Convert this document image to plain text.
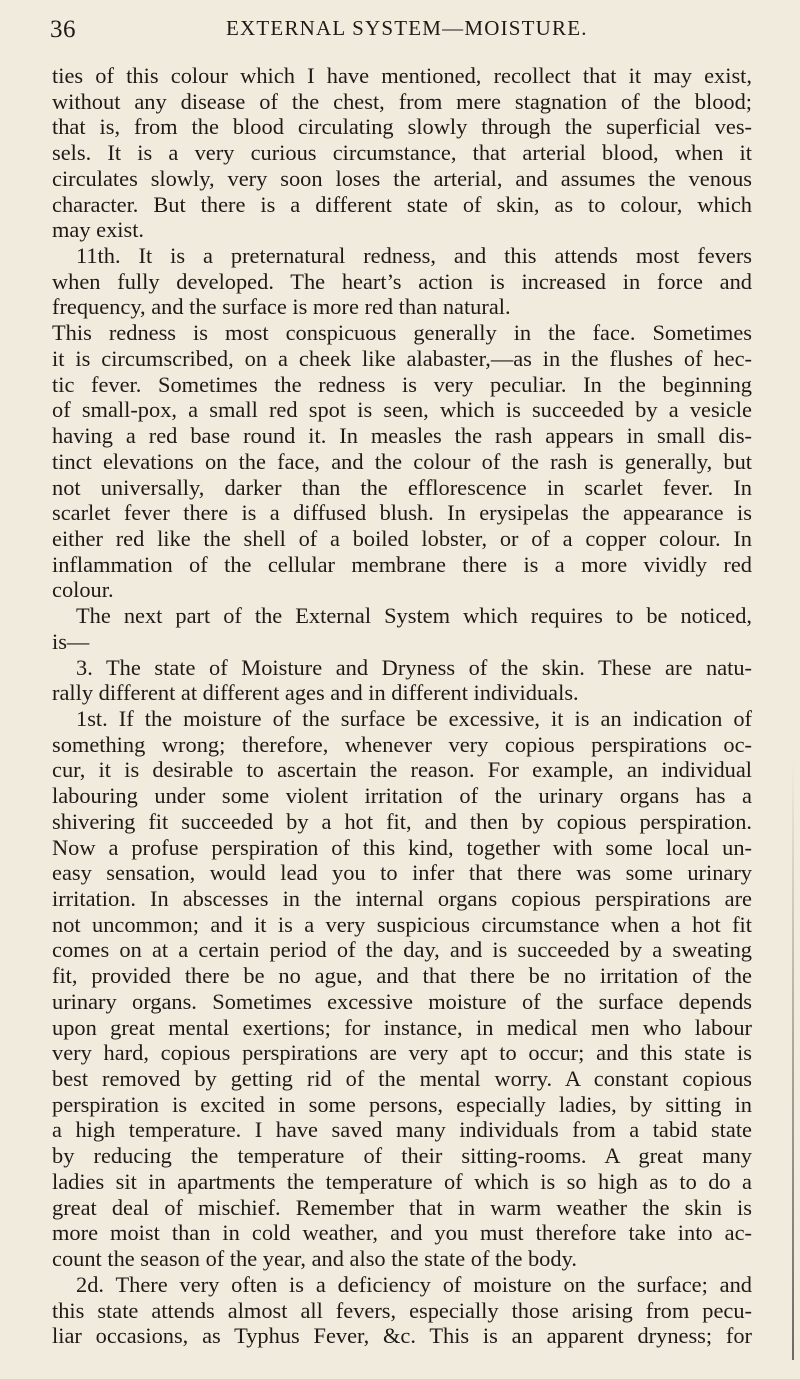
36	EXTERNAL SYSTEM—MOISTURE.
ties of this colour which I have mentioned, recollect that it may exist,
without any disease of the chest, from mere stagnation of the blood;
that is, from the blood circulating slowly through the superficial ves-
sels. It is a very curious circumstance, that arterial blood, when it
circulates slowly, very soon loses the arterial, and assumes the venous
character. But there is a different state of skin, as to colour, which
may exist.
11th. It is a preternatural redness, and this attends most fevers
when fully developed. The heart’s action is increased in force and
frequency, and the surface is more red than natural.
This redness is most conspicuous generally in the face. Sometimes
it is circumscribed, on a cheek like alabaster,—as in the flushes of hec-
tic fever. Sometimes the redness is very peculiar. In the beginning
of small-pox, a small red spot is seen, which is succeeded by a vesicle
having a red base round it. In measles the rash appears in small dis-
tinct elevations on the face, and the colour of the rash is generally, but
not universally, darker than the efflorescence in scarlet fever. In
scarlet fever there is a diffused blush. In erysipelas the appearance is
either red like the shell of a boiled lobster, or of a copper colour. In
inflammation of the cellular membrane there is a more vividly red
colour.
The next part of the External System which requires to be noticed,
is—
3. The state of Moisture and Dryness of the skin. These are natu-
rally different at different ages and in different individuals.
1st. If the moisture of the surface be excessive, it is an indication of
something wrong; therefore, whenever very copious perspirations oc-
cur, it is desirable to ascertain the reason. For example, an individual
labouring under some violent irritation of the urinary organs has a
shivering fit succeeded by a hot fit, and then by copious perspiration.
Now a profuse perspiration of this kind, together with some local un-
easy sensation, would lead you to infer that there was some urinary
irritation. In abscesses in the internal organs copious perspirations are
not uncommon; and it is a very suspicious circumstance when a hot fit
comes on at a certain period of the day, and is succeeded by a sweating
fit, provided there be no ague, and that there be no irritation of the
urinary organs. Sometimes excessive moisture of the surface depends
upon great mental exertions; for instance, in medical men who labour
very hard, copious perspirations are very apt to occur; and this state is
best removed by getting rid of the mental worry. A constant copious
perspiration is excited in some persons, especially ladies, by sitting in
a high temperature. I have saved many individuals from a tabid state
by reducing the temperature of their sitting-rooms. A great many
ladies sit in apartments the temperature of which is so high as to do a
great deal of mischief. Remember that in warm weather the skin is
more moist than in cold weather, and you must therefore take into ac-
count the season of the year, and also the state of the body.
2d. There very often is a deficiency of moisture on the surface; and
this state attends almost all fevers, especially those arising from pecu-
liar occasions, as Typhus Fever, &c. This is an apparent dryness; for
